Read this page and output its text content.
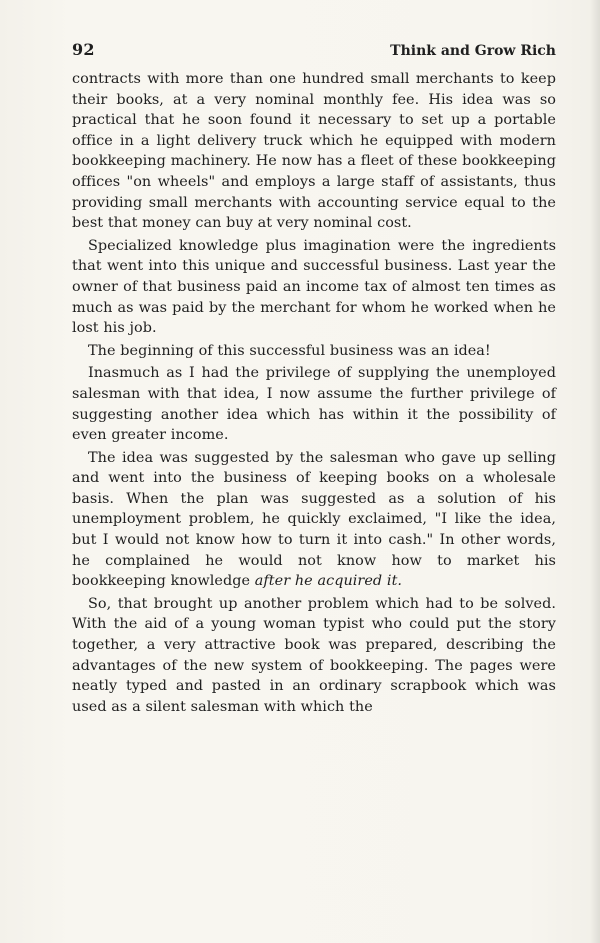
92	Think and Grow Rich

contracts with more than one hundred small merchants to keep their books, at a very nominal monthly fee. His idea was so practical that he soon found it necessary to set up a portable office in a light delivery truck which he equipped with modern bookkeeping machinery. He now has a fleet of these bookkeeping offices "on wheels" and employs a large staff of assistants, thus providing small merchants with accounting service equal to the best that money can buy at very nominal cost.

Specialized knowledge plus imagination were the ingredients that went into this unique and successful business. Last year the owner of that business paid an income tax of almost ten times as much as was paid by the merchant for whom he worked when he lost his job.

The beginning of this successful business was an idea!

Inasmuch as I had the privilege of supplying the unemployed salesman with that idea, I now assume the further privilege of suggesting another idea which has within it the possibility of even greater income.

The idea was suggested by the salesman who gave up selling and went into the business of keeping books on a wholesale basis. When the plan was suggested as a solution of his unemployment problem, he quickly exclaimed, "I like the idea, but I would not know how to turn it into cash." In other words, he complained he would not know how to market his bookkeeping knowledge after he acquired it.

So, that brought up another problem which had to be solved. With the aid of a young woman typist who could put the story together, a very attractive book was prepared, describing the advantages of the new system of bookkeeping. The pages were neatly typed and pasted in an ordinary scrapbook which was used as a silent salesman with which the
